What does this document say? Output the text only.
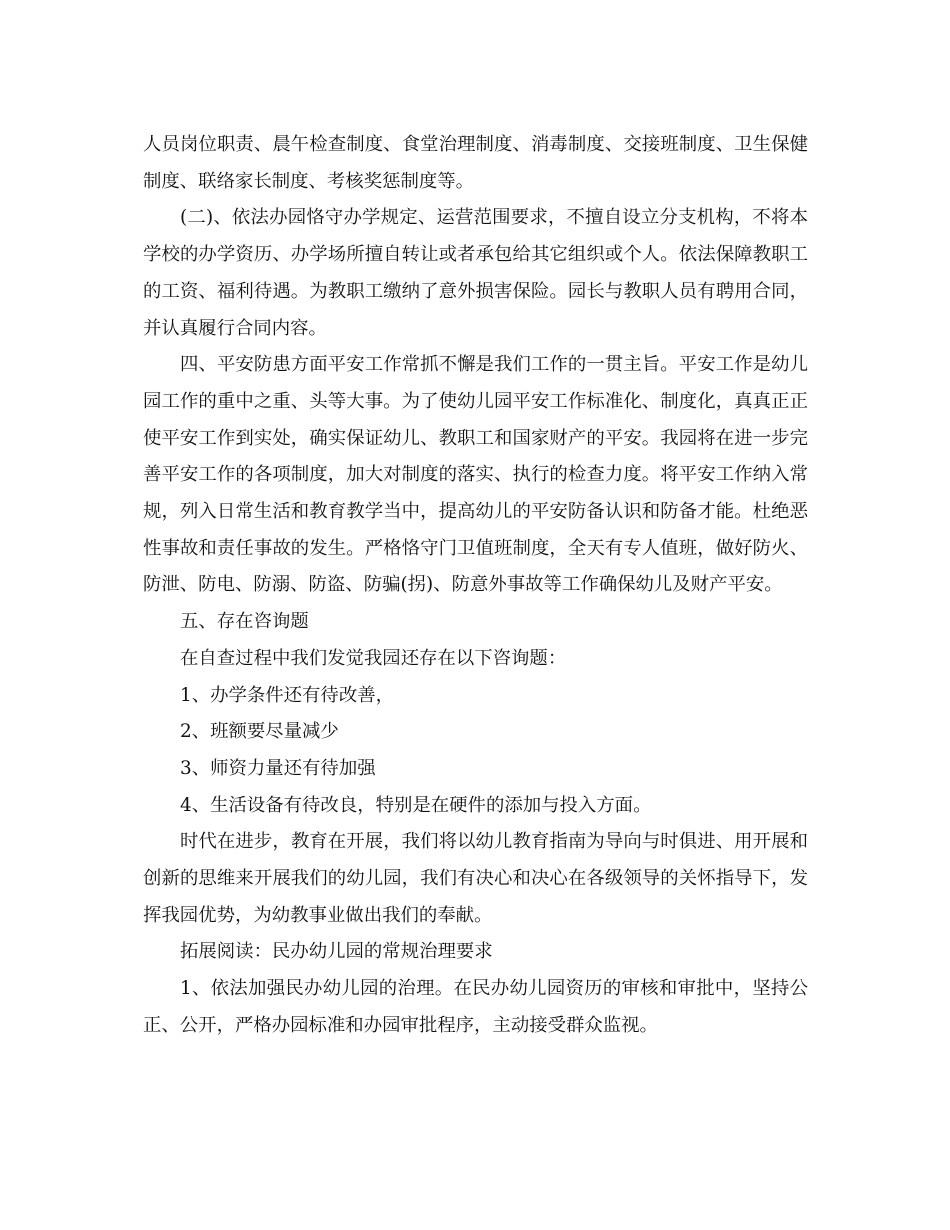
人员岗位职责、晨午检查制度、食堂治理制度、消毒制度、交接班制度、卫生保健制度、联络家长制度、考核奖惩制度等。

(二)、依法办园恪守办学规定、运营范围要求，不擅自设立分支机构，不将本学校的办学资历、办学场所擅自转让或者承包给其它组织或个人。依法保障教职工的工资、福利待遇。为教职工缴纳了意外损害保险。园长与教职人员有聘用合同，并认真履行合同内容。

四、平安防患方面平安工作常抓不懈是我们工作的一贯主旨。平安工作是幼儿园工作的重中之重、头等大事。为了使幼儿园平安工作标准化、制度化，真真正正使平安工作到实处，确实保证幼儿、教职工和国家财产的平安。我园将在进一步完善平安工作的各项制度，加大对制度的落实、执行的检查力度。将平安工作纳入常规，列入日常生活和教育教学当中，提高幼儿的平安防备认识和防备才能。杜绝恶性事故和责任事故的发生。严格恪守门卫值班制度，全天有专人值班，做好防火、防泄、防电、防溺、防盗、防骗(拐)、防意外事故等工作确保幼儿及财产平安。

五、存在咨询题

在自查过程中我们发觉我园还存在以下咨询题：

1、办学条件还有待改善，

2、班额要尽量减少

3、师资力量还有待加强

4、生活设备有待改良，特别是在硬件的添加与投入方面。

时代在进步，教育在开展，我们将以幼儿教育指南为导向与时俱进、用开展和创新的思维来开展我们的幼儿园，我们有决心和决心在各级领导的关怀指导下，发挥我园优势，为幼教事业做出我们的奉献。

拓展阅读：民办幼儿园的常规治理要求

1、依法加强民办幼儿园的治理。在民办幼儿园资历的审核和审批中，坚持公正、公开，严格办园标准和办园审批程序，主动接受群众监视。
